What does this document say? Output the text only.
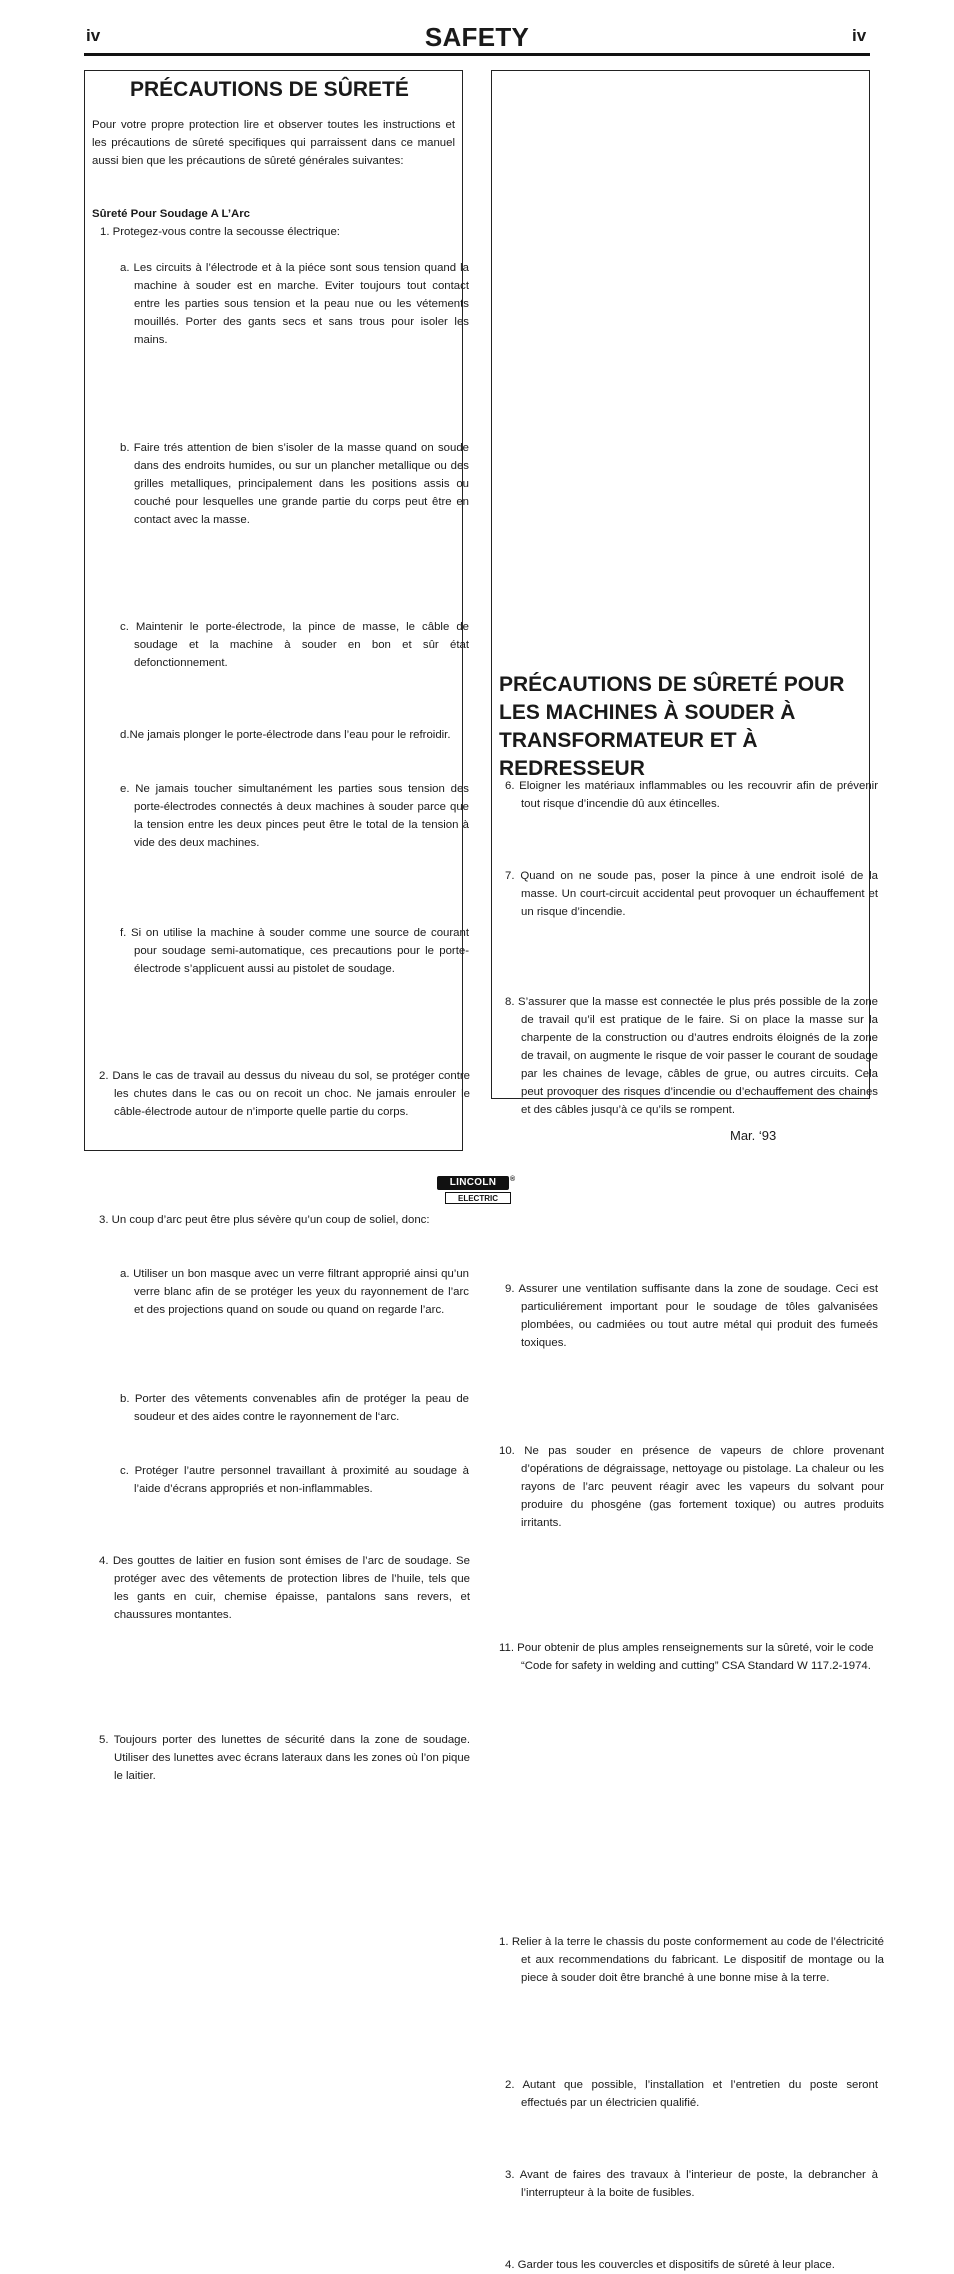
iv	SAFETY	iv
PRÉCAUTIONS DE SÛRETÉ
Pour votre propre protection lire et observer toutes les instructions et les précautions de sûreté specifiques qui parraissent dans ce manuel aussi bien que les précautions de sûreté générales suivantes:
Sûreté Pour Soudage A L’Arc
1. Protegez-vous contre la secousse électrique:
a. Les circuits à l’électrode et à la piéce sont sous tension quand la machine à souder est en marche. Eviter toujours tout contact entre les parties sous tension et la peau nue ou les vétements mouillés. Porter des gants secs et sans trous pour isoler les mains.
b. Faire trés attention de bien s’isoler de la masse quand on soude dans des endroits humides, ou sur un plancher metallique ou des grilles metalliques, principalement dans les positions assis ou couché pour lesquelles une grande partie du corps peut être en contact avec la masse.
c. Maintenir le porte-électrode, la pince de masse, le câble de soudage et la machine à souder en bon et sûr état defonctionnement.
d.Ne jamais plonger le porte-électrode dans l’eau pour le refroidir.
e. Ne jamais toucher simultanément les parties sous tension des porte-électrodes connectés à deux machines à souder parce que la tension entre les deux pinces peut être le total de la tension à vide des deux machines.
f. Si on utilise la machine à souder comme une source de courant pour soudage semi-automatique, ces precautions pour le porte-électrode s’applicuent aussi au pistolet de soudage.
2. Dans le cas de travail au dessus du niveau du sol, se protéger contre les chutes dans le cas ou on recoit un choc. Ne jamais enrouler le câble-électrode autour de n’importe quelle partie du corps.
3. Un coup d’arc peut être plus sévère qu’un coup de soliel, donc:
a. Utiliser un bon masque avec un verre filtrant approprié ainsi qu’un verre blanc afin de se protéger les yeux du rayonnement de l’arc et des projections quand on soude ou quand on regarde l’arc.
b. Porter des vêtements convenables afin de protéger la peau de soudeur et des aides contre le rayonnement de l‘arc.
c. Protéger l’autre personnel travaillant à proximité au soudage à l’aide d’écrans appropriés et non-inflammables.
4. Des gouttes de laitier en fusion sont émises de l’arc de soudage. Se protéger avec des vêtements de protection libres de l’huile, tels que les gants en cuir, chemise épaisse, pantalons sans revers, et chaussures montantes.
5. Toujours porter des lunettes de sécurité dans la zone de soudage. Utiliser des lunettes avec écrans lateraux dans les zones où l’on pique le laitier.
6. Eloigner les matériaux inflammables ou les recouvrir afin de prévenir tout risque d’incendie dû aux étincelles.
7. Quand on ne soude pas, poser la pince à une endroit isolé de la masse. Un court-circuit accidental peut provoquer un échauffement et un risque d’incendie.
8. S’assurer que la masse est connectée le plus prés possible de la zone de travail qu’il est pratique de le faire. Si on place la masse sur la charpente de la construction ou d’autres endroits éloignés de la zone de travail, on augmente le risque de voir passer le courant de soudage par les chaines de levage, câbles de grue, ou autres circuits. Cela peut provoquer des risques d’incendie ou d’echauffement des chaines et des câbles jusqu’à ce qu’ils se rompent.
9. Assurer une ventilation suffisante dans la zone de soudage. Ceci est particuliérement important pour le soudage de tôles galvanisées plombées, ou cadmiées ou tout autre métal qui produit des fumeés toxiques.
10. Ne pas souder en présence de vapeurs de chlore provenant d’opérations de dégraissage, nettoyage ou pistolage. La chaleur ou les rayons de l’arc peuvent réagir avec les vapeurs du solvant pour produire du phosgéne (gas fortement toxique) ou autres produits irritants.
11. Pour obtenir de plus amples renseignements sur la sûreté, voir le code “Code for safety in welding and cutting” CSA Standard W 117.2-1974.
PRÉCAUTIONS DE SÛRETÉ POUR LES MACHINES À SOUDER À TRANSFORMATEUR ET À REDRESSEUR
1. Relier à la terre le chassis du poste conformement au code de l’électricité et aux recommendations du fabricant. Le dispositif de montage ou la piece à souder doit être branché à une bonne mise à la terre.
2. Autant que possible, l’installation et l’entretien du poste seront effectués par un électricien qualifié.
3. Avant de faires des travaux à l’interieur de poste, la debrancher à l’interrupteur à la boite de fusibles.
4. Garder tous les couvercles et dispositifs de sûreté à leur place.
Mar. ‘93
LINCOLN	®
ELECTRIC
